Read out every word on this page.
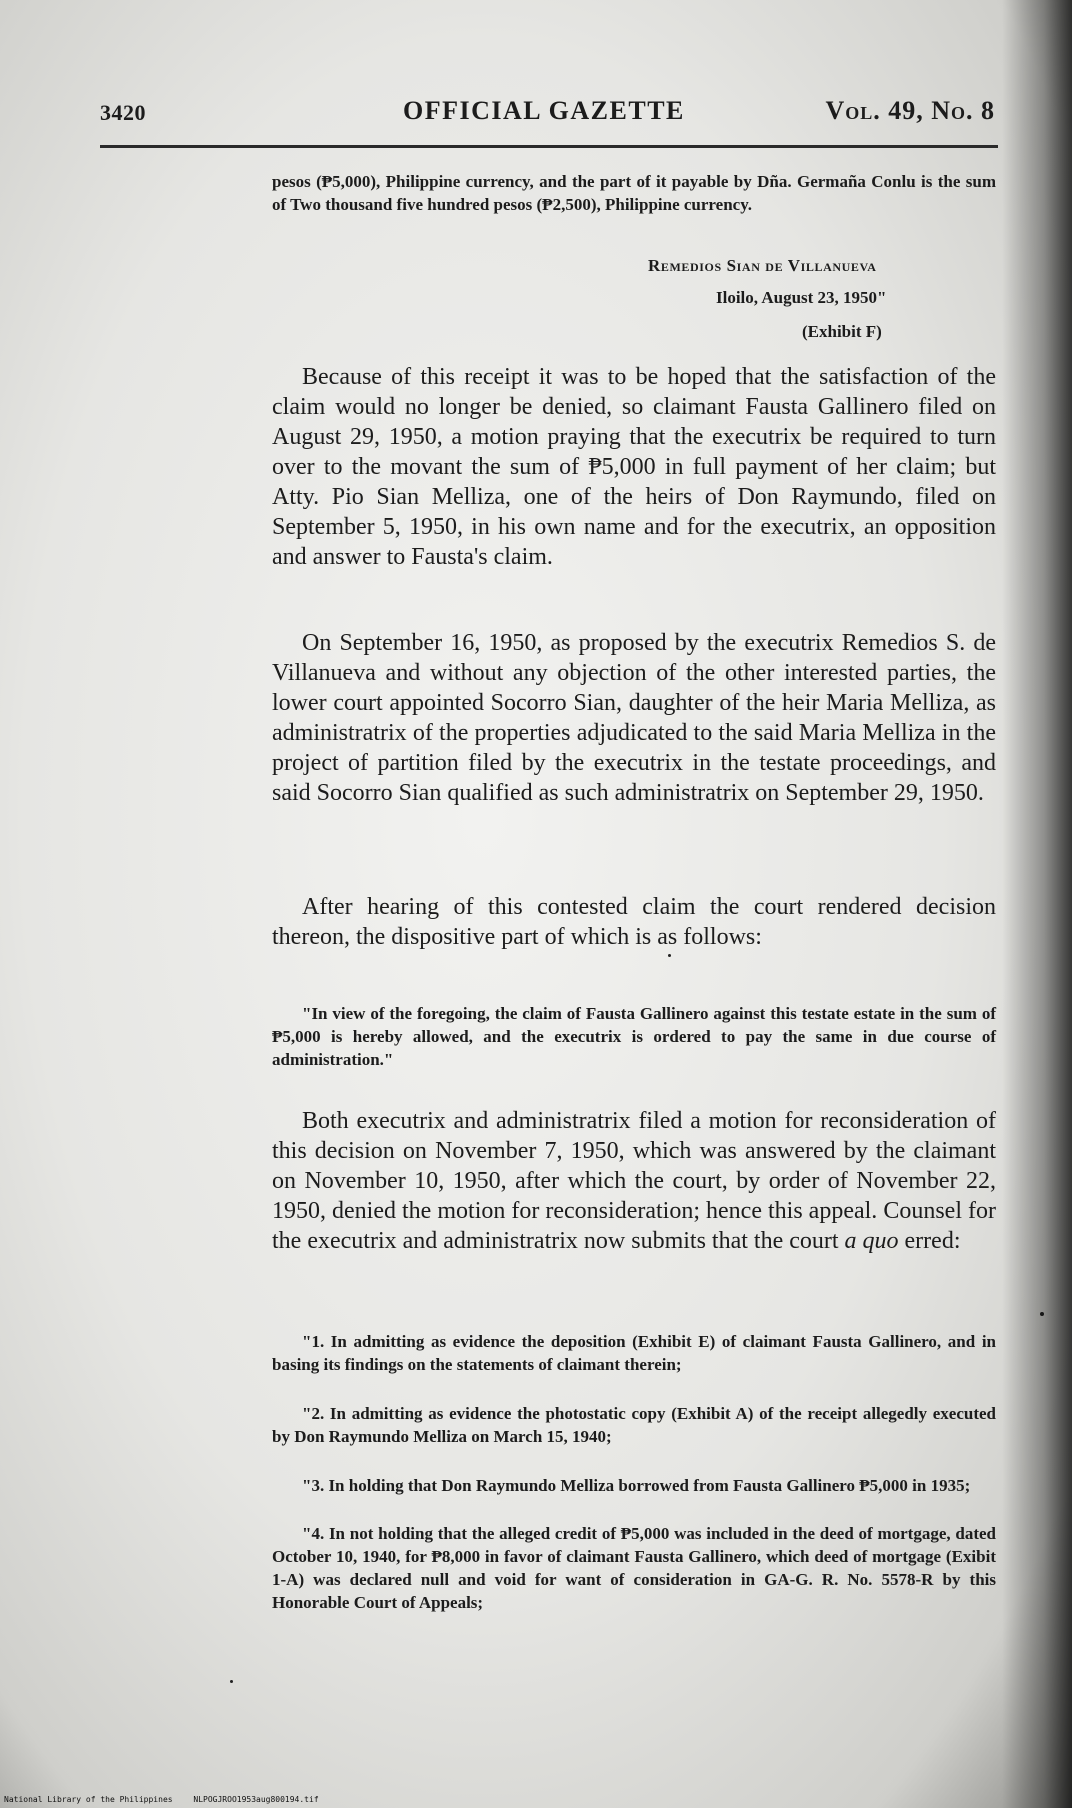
3420	OFFICIAL GAZETTE	Vol. 49, No. 8

pesos (₱5,000), Philippine currency, and the part of it payable by Dña. Germaña Conlu is the sum of Two thousand five hundred pesos (₱2,500), Philippine currency.

Remedios Sian de Villanueva
Iloilo, August 23, 1950"
(Exhibit F)

Because of this receipt it was to be hoped that the satisfaction of the claim would no longer be denied, so claimant Fausta Gallinero filed on August 29, 1950, a motion praying that the executrix be required to turn over to the movant the sum of ₱5,000 in full payment of her claim; but Atty. Pio Sian Melliza, one of the heirs of Don Raymundo, filed on September 5, 1950, in his own name and for the executrix, an opposition and answer to Fausta's claim.

On September 16, 1950, as proposed by the executrix Remedios S. de Villanueva and without any objection of the other interested parties, the lower court appointed Socorro Sian, daughter of the heir Maria Melliza, as administratrix of the properties adjudicated to the said Maria Melliza in the project of partition filed by the executrix in the testate proceedings, and said Socorro Sian qualified as such administratrix on September 29, 1950.

After hearing of this contested claim the court rendered decision thereon, the dispositive part of which is as follows:

"In view of the foregoing, the claim of Fausta Gallinero against this testate estate in the sum of ₱5,000 is hereby allowed, and the executrix is ordered to pay the same in due course of administration."

Both executrix and administratrix filed a motion for reconsideration of this decision on November 7, 1950, which was answered by the claimant on November 10, 1950, after which the court, by order of November 22, 1950, denied the motion for reconsideration; hence this appeal. Counsel for the executrix and administratrix now submits that the court a quo erred:

"1. In admitting as evidence the deposition (Exhibit E) of claimant Fausta Gallinero, and in basing its findings on the statements of claimant therein;

"2. In admitting as evidence the photostatic copy (Exhibit A) of the receipt allegedly executed by Don Raymundo Melliza on March 15, 1940;

"3. In holding that Don Raymundo Melliza borrowed from Fausta Gallinero ₱5,000 in 1935;

"4. In not holding that the alleged credit of ₱5,000 was included in the deed of mortgage, dated October 10, 1940, for ₱8,000 in favor of claimant Fausta Gallinero, which deed of mortgage (Exibit 1-A) was declared null and void for want of consideration in GA-G. R. No. 5578-R by this Honorable Court of Appeals;

National Library of the Philippines	NLPOGJROO1953aug800194.tif
